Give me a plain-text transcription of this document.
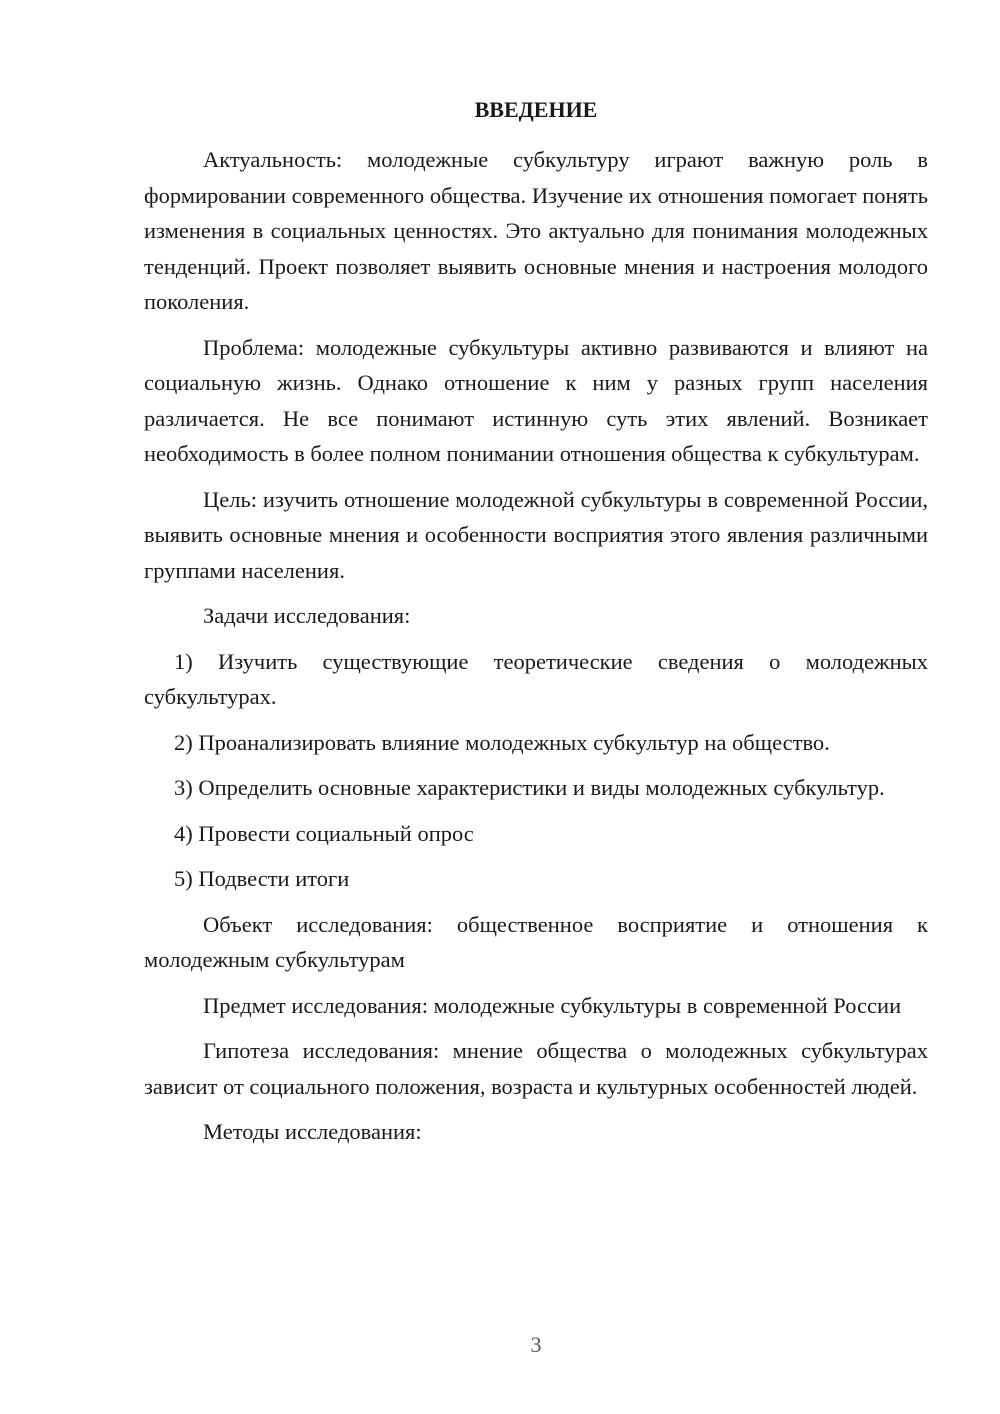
ВВЕДЕНИЕ

Актуальность: молодежные субкультуру играют важную роль в формировании современного общества. Изучение их отношения помогает понять изменения в социальных ценностях. Это актуально для понимания молодежных тенденций. Проект позволяет выявить основные мнения и настроения молодого поколения.

Проблема: молодежные субкультуры активно развиваются и влияют на социальную жизнь. Однако отношение к ним у разных групп населения различается. Не все понимают истинную суть этих явлений. Возникает необходимость в более полном понимании отношения общества к субкультурам.

Цель: изучить отношение молодежной субкультуры в современной России, выявить основные мнения и особенности восприятия этого явления различными группами населения.

Задачи исследования:

1) Изучить существующие теоретические сведения о молодежных субкультурах.

2) Проанализировать влияние молодежных субкультур на общество.

3) Определить основные характеристики и виды молодежных субкультур.

4) Провести социальный опрос

5) Подвести итоги

Объект исследования: общественное восприятие и отношения к молодежным субкультурам

Предмет исследования: молодежные субкультуры в современной России

Гипотеза исследования: мнение общества о молодежных субкультурах зависит от социального положения, возраста и культурных особенностей людей.

Методы исследования:

3
